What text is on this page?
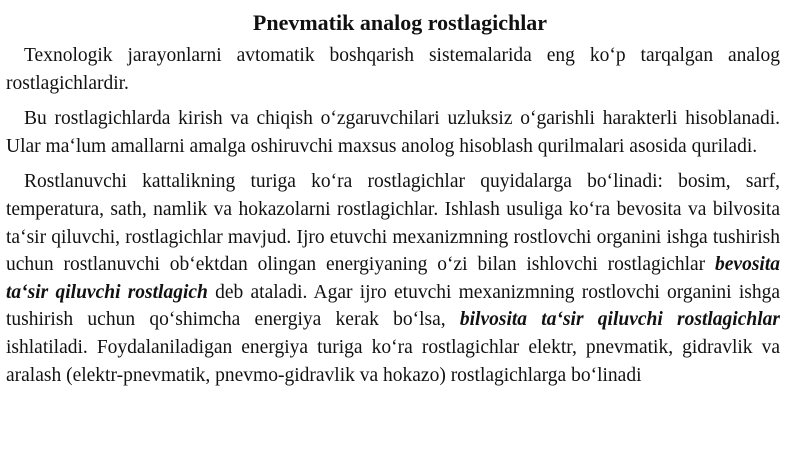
Pnevmatik analog rostlagichlar

Texnologik jarayonlarni avtomatik boshqarish sistemalarida eng ko‘p tarqalgan analog rostlagichlardir.

Bu rostlagichlarda kirish va chiqish o‘zgaruvchilari uzluksiz o‘garishli harakterli hisoblanadi. Ular ma‘lum amallarni amalga oshiruvchi maxsus anolog hisoblash qurilmalari asosida quriladi.

Rostlanuvchi kattalikning turiga ko‘ra rostlagichlar quyidalarga bo‘linadi: bosim, sarf, temperatura, sath, namlik va hokazolarni rostlagichlar. Ishlash usuliga ko‘ra bevosita va bilvosita ta‘sir qiluvchi, rostlagichlar mavjud. Ijro etuvchi mexanizmning rostlovchi organini ishga tushirish uchun rostlanuvchi ob‘ektdan olingan energiyaning o‘zi bilan ishlovchi rostlagichlar bevosita ta‘sir qiluvchi rostlagich deb ataladi. Agar ijro etuvchi mexanizmning rostlovchi organini ishga tushirish uchun qo‘shimcha energiya kerak bo‘lsa, bilvosita ta‘sir qiluvchi rostlagichlar ishlatiladi. Foydalaniladigan energiya turiga ko‘ra rostlagichlar elektr, pnevmatik, gidravlik va aralash (elektr-pnevmatik, pnevmo-gidravlik va hokazo) rostlagichlarga bo‘linadi
